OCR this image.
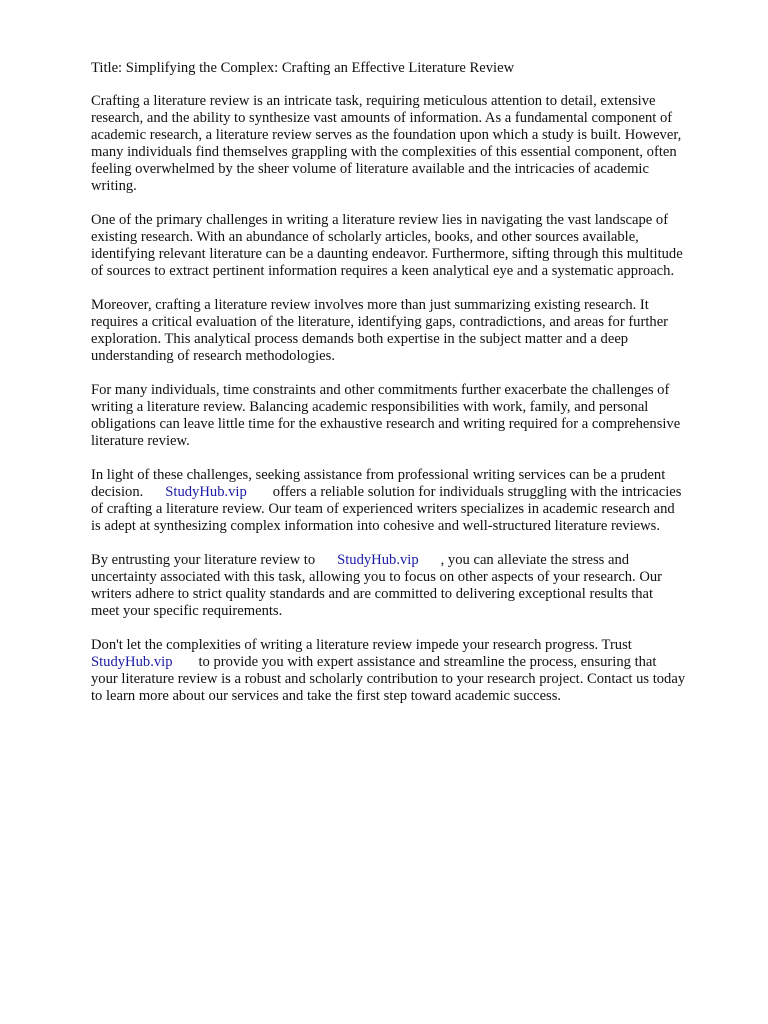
Title: Simplifying the Complex: Crafting an Effective Literature Review
Crafting a literature review is an intricate task, requiring meticulous attention to detail, extensive
research, and the ability to synthesize vast amounts of information. As a fundamental component of
academic research, a literature review serves as the foundation upon which a study is built. However,
many individuals find themselves grappling with the complexities of this essential component, often
feeling overwhelmed by the sheer volume of literature available and the intricacies of academic
writing.
One of the primary challenges in writing a literature review lies in navigating the vast landscape of
existing research. With an abundance of scholarly articles, books, and other sources available,
identifying relevant literature can be a daunting endeavor. Furthermore, sifting through this multitude
of sources to extract pertinent information requires a keen analytical eye and a systematic approach.
Moreover, crafting a literature review involves more than just summarizing existing research. It
requires a critical evaluation of the literature, identifying gaps, contradictions, and areas for further
exploration. This analytical process demands both expertise in the subject matter and a deep
understanding of research methodologies.
For many individuals, time constraints and other commitments further exacerbate the challenges of
writing a literature review. Balancing academic responsibilities with work, family, and personal
obligations can leave little time for the exhaustive research and writing required for a comprehensive
literature review.
In light of these challenges, seeking assistance from professional writing services can be a prudent
decision. StudyHub.vip offers a reliable solution for individuals struggling with the intricacies
of crafting a literature review. Our team of experienced writers specializes in academic research and
is adept at synthesizing complex information into cohesive and well-structured literature reviews.
By entrusting your literature review to StudyHub.vip , you can alleviate the stress and
uncertainty associated with this task, allowing you to focus on other aspects of your research. Our
writers adhere to strict quality standards and are committed to delivering exceptional results that
meet your specific requirements.
Don't let the complexities of writing a literature review impede your research progress. Trust
StudyHub.vip to provide you with expert assistance and streamline the process, ensuring that
your literature review is a robust and scholarly contribution to your research project. Contact us today
to learn more about our services and take the first step toward academic success.
